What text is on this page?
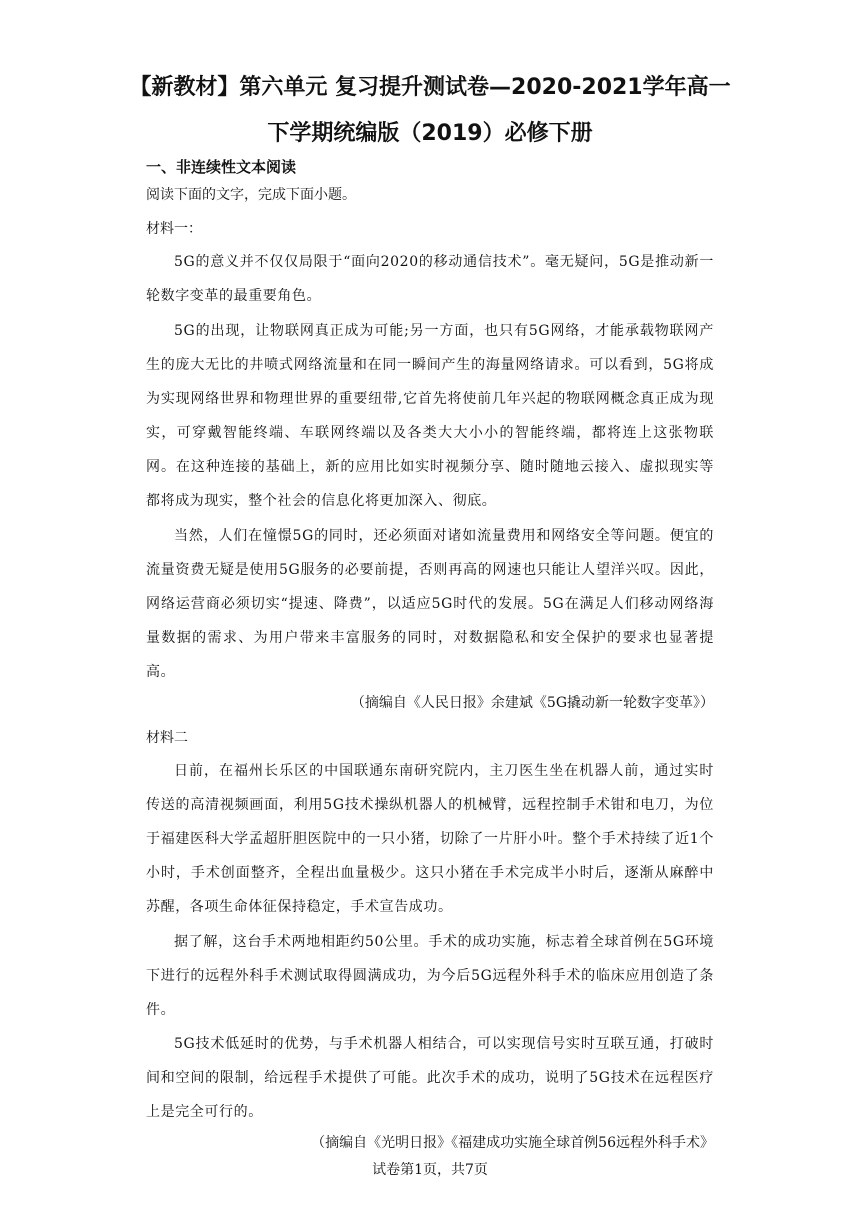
【新教材】第六单元 复习提升测试卷—2020-2021学年高一
下学期统编版（2019）必修下册
一、非连续性文本阅读
阅读下面的文字，完成下面小题。
材料一：
5G的意义并不仅仅局限于“面向2020的移动通信技术”。毫无疑问，5G是推动新一轮数字变革的最重要角色。
5G的出现，让物联网真正成为可能;另一方面，也只有5G网络，才能承载物联网产生的庞大无比的井喷式网络流量和在同一瞬间产生的海量网络请求。可以看到，5G将成为实现网络世界和物理世界的重要纽带,它首先将使前几年兴起的物联网概念真正成为现实，可穿戴智能终端、车联网终端以及各类大大小小的智能终端，都将连上这张物联网。在这种连接的基础上，新的应用比如实时视频分享、随时随地云接入、虚拟现实等都将成为现实，整个社会的信息化将更加深入、彻底。
当然，人们在憧憬5G的同时，还必须面对诸如流量费用和网络安全等问题。便宜的流量资费无疑是使用5G服务的必要前提，否则再高的网速也只能让人望洋兴叹。因此，网络运营商必须切实“提速、降费”，以适应5G时代的发展。5G在满足人们移动网络海量数据的需求、为用户带来丰富服务的同时，对数据隐私和安全保护的要求也显著提高。
（摘编自《人民日报》余建斌《5G撬动新一轮数字变革》）
材料二
日前，在福州长乐区的中国联通东南研究院内，主刀医生坐在机器人前，通过实时传送的高清视频画面，利用5G技术操纵机器人的机械臂，远程控制手术钳和电刀，为位于福建医科大学孟超肝胆医院中的一只小猪，切除了一片肝小叶。整个手术持续了近1个小时，手术创面整齐，全程出血量极少。这只小猪在手术完成半小时后，逐渐从麻醉中苏醒，各项生命体征保持稳定，手术宣告成功。
据了解，这台手术两地相距约50公里。手术的成功实施，标志着全球首例在5G环境下进行的远程外科手术测试取得圆满成功，为今后5G远程外科手术的临床应用创造了条件。
5G技术低延时的优势，与手术机器人相结合，可以实现信号实时互联互通，打破时间和空间的限制，给远程手术提供了可能。此次手术的成功，说明了5G技术在远程医疗上是完全可行的。
（摘编自《光明日报》《福建成功实施全球首例56远程外科手术》
试卷第1页，共7页
